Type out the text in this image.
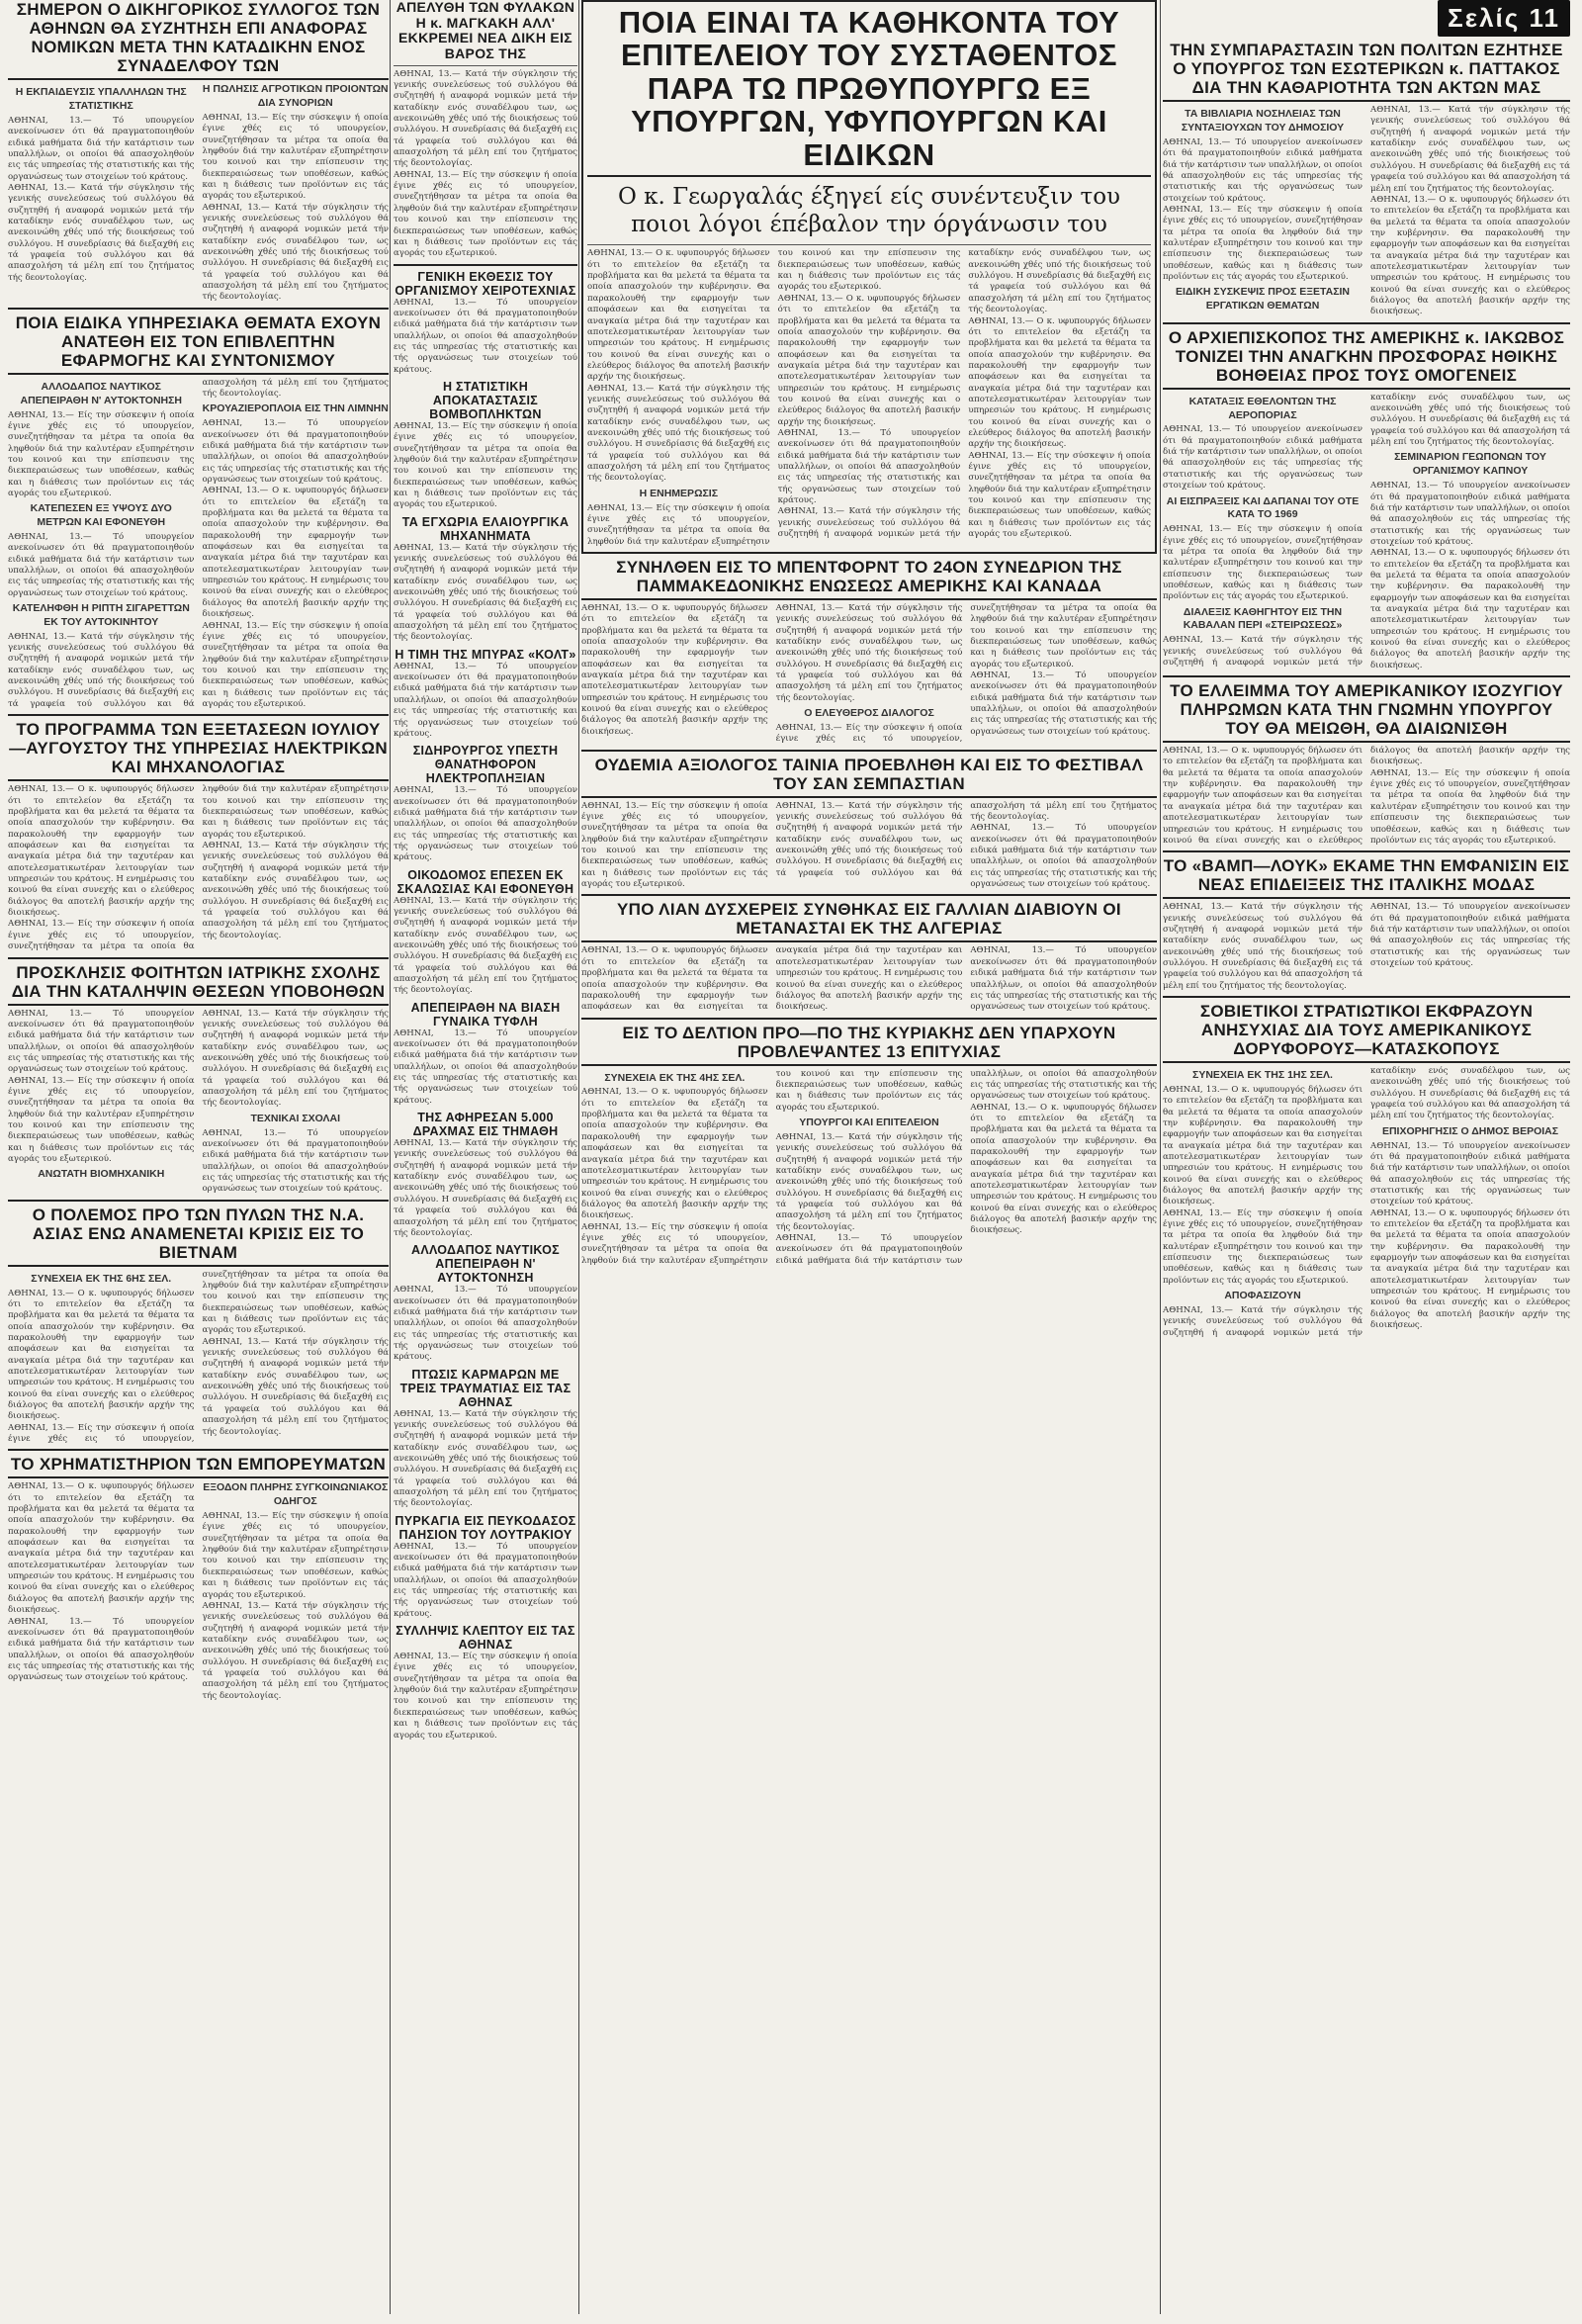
ΣΗΜΕΡΟΝ Ο ΔΙΚΗΓΟΡΙΚΟΣ ΣΥΛΛΟΓΟΣ ΤΩΝ ΑΘΗΝΩΝ ΘΑ ΣΥΖΗΤΗΣΗ ΕΠΙ ΑΝΑΦΟΡΑΣ ΝΟΜΙΚΩΝ ΜΕΤΑ ΤΗΝ ΚΑΤΑΔΙΚΗΝ ΕΝΟΣ ΣΥΝΑΔΕΛΦΟΥ ΤΩΝ
Η ΕΚΠΑΙΔΕΥΣΙΣ ΥΠΑΛΛΗΛΩΝ ΤΗΣ ΣΤΑΤΙΣΤΙΚΗΣ

ΑΘΗΝΑΙ, 13.— Τό υπουργείον ανεκοίνωσεν ότι θά πραγματοποιηθούν ειδικά μαθήματα διά τήν κατάρτισιν των υπαλλήλων, οι οποίοι θά απασχοληθούν εις τάς υπηρεσίας τής στατιστικής και τής οργανώσεως των στοιχείων τού κράτους.

ΑΘΗΝΑΙ, 13.— Κατά τήν σύγκλησιν τής γενικής συνελεύσεως τού συλλόγου θά συζητηθή ή αναφορά νομικών μετά τήν καταδίκην ενός συναδέλφου των, ως ανεκοινώθη χθές υπό τής διοικήσεως τού συλλόγου. Η συνεδρίασις θά διεξαχθή εις τά γραφεία τού συλλόγου και θά απασχολήση τά μέλη επί του ζητήματος τής δεοντολογίας.

Η ΠΩΛΗΣΙΣ ΑΓΡΟΤΙΚΩΝ ΠΡΟΙΟΝΤΩΝ ΔΙΑ ΣΥΝΟΡΙΩΝ

ΑΘΗΝΑΙ, 13.— Είς την σύσκεψιν ή οποία έγινε χθές εις τό υπουργείον, συνεζητήθησαν τα μέτρα τα οποία θα ληφθούν διά την καλυτέραν εξυπηρέτησιν του κοινού και την επίσπευσιν της διεκπεραιώσεως των υποθέσεων, καθώς και η διάθεσις των προϊόντων εις τάς αγοράς του εξωτερικού.

ΑΘΗΝΑΙ, 13.— Κατά τήν σύγκλησιν τής γενικής συνελεύσεως τού συλλόγου θά συζητηθή ή αναφορά νομικών μετά τήν καταδίκην ενός συναδέλφου των, ως ανεκοινώθη χθές υπό τής διοικήσεως τού συλλόγου. Η συνεδρίασις θά διεξαχθή εις τά γραφεία τού συλλόγου και θά απασχολήση τά μέλη επί του ζητήματος τής δεοντολογίας.

ΠΟΙΑ ΕΙΔΙΚΑ ΥΠΗΡΕΣΙΑΚΑ ΘΕΜΑΤΑ ΕΧΟΥΝ ΑΝΑΤΕΘΗ ΕΙΣ ΤΟΝ ΕΠΙΒΛΕΠΤΗΝ ΕΦΑΡΜΟΓΗΣ ΚΑΙ ΣΥΝΤΟΝΙΣΜΟΥ
ΑΛΛΟΔΑΠΟΣ ΝΑΥΤΙΚΟΣ ΑΠΕΠΕΙΡΑΘΗ Ν' ΑΥΤΟΚΤΟΝΗΣΗ

ΑΘΗΝΑΙ, 13.— Είς την σύσκεψιν ή οποία έγινε χθές εις τό υπουργείον, συνεζητήθησαν τα μέτρα τα οποία θα ληφθούν διά την καλυτέραν εξυπηρέτησιν του κοινού και την επίσπευσιν της διεκπεραιώσεως των υποθέσεων, καθώς και η διάθεσις των προϊόντων εις τάς αγοράς του εξωτερικού.

ΚΑΤΕΠΕΣΕΝ ΕΞ ΥΨΟΥΣ ΔΥΟ ΜΕΤΡΩΝ ΚΑΙ ΕΦΟΝΕΥΘΗ

ΑΘΗΝΑΙ, 13.— Τό υπουργείον ανεκοίνωσεν ότι θά πραγματοποιηθούν ειδικά μαθήματα διά τήν κατάρτισιν των υπαλλήλων, οι οποίοι θά απασχοληθούν εις τάς υπηρεσίας τής στατιστικής και τής οργανώσεως των στοιχείων τού κράτους.

ΚΑΤΕΛΗΦΘΗ Η ΡΙΠΤΗ ΣΙΓΑΡΕΤΤΩΝ ΕΚ ΤΟΥ ΑΥΤΟΚΙΝΗΤΟΥ

ΑΘΗΝΑΙ, 13.— Κατά τήν σύγκλησιν τής γενικής συνελεύσεως τού συλλόγου θά συζητηθή ή αναφορά νομικών μετά τήν καταδίκην ενός συναδέλφου των, ως ανεκοινώθη χθές υπό τής διοικήσεως τού συλλόγου. Η συνεδρίασις θά διεξαχθή εις τά γραφεία τού συλλόγου και θά απασχολήση τά μέλη επί του ζητήματος τής δεοντολογίας.

ΚΡΟΥΑΖΙΕΡΟΠΛΟΙΑ ΕΙΣ ΤΗΝ ΛΙΜΝΗΝ

ΑΘΗΝΑΙ, 13.— Τό υπουργείον ανεκοίνωσεν ότι θά πραγματοποιηθούν ειδικά μαθήματα διά τήν κατάρτισιν των υπαλλήλων, οι οποίοι θά απασχοληθούν εις τάς υπηρεσίας τής στατιστικής και τής οργανώσεως των στοιχείων τού κράτους.

ΑΘΗΝΑΙ, 13.— Ο κ. υφυπουργός δήλωσεν ότι το επιτελείον θα εξετάζη τα προβλήματα και θα μελετά τα θέματα τα οποία απασχολούν την κυβέρνησιν. Θα παρακολουθή την εφαρμογήν των αποφάσεων και θα εισηγείται τα αναγκαία μέτρα διά την ταχυτέραν και αποτελεσματικωτέραν λειτουργίαν των υπηρεσιών του κράτους. Η ενημέρωσις του κοινού θα είναι συνεχής και ο ελεύθερος διάλογος θα αποτελή βασικήν αρχήν της διοικήσεως.

ΑΘΗΝΑΙ, 13.— Είς την σύσκεψιν ή οποία έγινε χθές εις τό υπουργείον, συνεζητήθησαν τα μέτρα τα οποία θα ληφθούν διά την καλυτέραν εξυπηρέτησιν του κοινού και την επίσπευσιν της διεκπεραιώσεως των υποθέσεων, καθώς και η διάθεσις των προϊόντων εις τάς αγοράς του εξωτερικού.

ΤΟ ΠΡΟΓΡΑΜΜΑ ΤΩΝ ΕΞΕΤΑΣΕΩΝ ΙΟΥΛΙΟΥ—ΑΥΓΟΥΣΤΟΥ ΤΗΣ ΥΠΗΡΕΣΙΑΣ ΗΛΕΚΤΡΙΚΩΝ ΚΑΙ ΜΗΧΑΝΟΛΟΓΙΑΣ

ΑΘΗΝΑΙ, 13.— Ο κ. υφυπουργός δήλωσεν ότι το επιτελείον θα εξετάζη τα προβλήματα και θα μελετά τα θέματα τα οποία απασχολούν την κυβέρνησιν. Θα παρακολουθή την εφαρμογήν των αποφάσεων και θα εισηγείται τα αναγκαία μέτρα διά την ταχυτέραν και αποτελεσματικωτέραν λειτουργίαν των υπηρεσιών του κράτους. Η ενημέρωσις του κοινού θα είναι συνεχής και ο ελεύθερος διάλογος θα αποτελή βασικήν αρχήν της διοικήσεως.

ΑΘΗΝΑΙ, 13.— Είς την σύσκεψιν ή οποία έγινε χθές εις τό υπουργείον, συνεζητήθησαν τα μέτρα τα οποία θα ληφθούν διά την καλυτέραν εξυπηρέτησιν του κοινού και την επίσπευσιν της διεκπεραιώσεως των υποθέσεων, καθώς και η διάθεσις των προϊόντων εις τάς αγοράς του εξωτερικού.

ΑΘΗΝΑΙ, 13.— Κατά τήν σύγκλησιν τής γενικής συνελεύσεως τού συλλόγου θά συζητηθή ή αναφορά νομικών μετά τήν καταδίκην ενός συναδέλφου των, ως ανεκοινώθη χθές υπό τής διοικήσεως τού συλλόγου. Η συνεδρίασις θά διεξαχθή εις τά γραφεία τού συλλόγου και θά απασχολήση τά μέλη επί του ζητήματος τής δεοντολογίας.

ΠΡΟΣΚΛΗΣΙΣ ΦΟΙΤΗΤΩΝ ΙΑΤΡΙΚΗΣ ΣΧΟΛΗΣ ΔΙΑ ΤΗΝ ΚΑΤΑΛΗΨΙΝ ΘΕΣΕΩΝ ΥΠΟΒΟΗΘΩΝ

ΑΘΗΝΑΙ, 13.— Τό υπουργείον ανεκοίνωσεν ότι θά πραγματοποιηθούν ειδικά μαθήματα διά τήν κατάρτισιν των υπαλλήλων, οι οποίοι θά απασχοληθούν εις τάς υπηρεσίας τής στατιστικής και τής οργανώσεως των στοιχείων τού κράτους.

ΑΘΗΝΑΙ, 13.— Είς την σύσκεψιν ή οποία έγινε χθές εις τό υπουργείον, συνεζητήθησαν τα μέτρα τα οποία θα ληφθούν διά την καλυτέραν εξυπηρέτησιν του κοινού και την επίσπευσιν της διεκπεραιώσεως των υποθέσεων, καθώς και η διάθεσις των προϊόντων εις τάς αγοράς του εξωτερικού.

ΑΝΩΤΑΤΗ ΒΙΟΜΗΧΑΝΙΚΗ

ΑΘΗΝΑΙ, 13.— Κατά τήν σύγκλησιν τής γενικής συνελεύσεως τού συλλόγου θά συζητηθή ή αναφορά νομικών μετά τήν καταδίκην ενός συναδέλφου των, ως ανεκοινώθη χθές υπό τής διοικήσεως τού συλλόγου. Η συνεδρίασις θά διεξαχθή εις τά γραφεία τού συλλόγου και θά απασχολήση τά μέλη επί του ζητήματος τής δεοντολογίας.

ΤΕΧΝΙΚΑΙ ΣΧΟΛΑΙ

ΑΘΗΝΑΙ, 13.— Τό υπουργείον ανεκοίνωσεν ότι θά πραγματοποιηθούν ειδικά μαθήματα διά τήν κατάρτισιν των υπαλλήλων, οι οποίοι θά απασχοληθούν εις τάς υπηρεσίας τής στατιστικής και τής οργανώσεως των στοιχείων τού κράτους.

Ο ΠΟΛΕΜΟΣ ΠΡΟ ΤΩΝ ΠΥΛΩΝ ΤΗΣ Ν.Α. ΑΣΙΑΣ ΕΝΩ ΑΝΑΜΕΝΕΤΑΙ ΚΡΙΣΙΣ ΕΙΣ ΤΟ ΒΙΕΤΝΑΜ
ΣΥΝΕΧΕΙΑ ΕΚ ΤΗΣ 6ΗΣ ΣΕΛ.

ΑΘΗΝΑΙ, 13.— Ο κ. υφυπουργός δήλωσεν ότι το επιτελείον θα εξετάζη τα προβλήματα και θα μελετά τα θέματα τα οποία απασχολούν την κυβέρνησιν. Θα παρακολουθή την εφαρμογήν των αποφάσεων και θα εισηγείται τα αναγκαία μέτρα διά την ταχυτέραν και αποτελεσματικωτέραν λειτουργίαν των υπηρεσιών του κράτους. Η ενημέρωσις του κοινού θα είναι συνεχής και ο ελεύθερος διάλογος θα αποτελή βασικήν αρχήν της διοικήσεως.

ΑΘΗΝΑΙ, 13.— Είς την σύσκεψιν ή οποία έγινε χθές εις τό υπουργείον, συνεζητήθησαν τα μέτρα τα οποία θα ληφθούν διά την καλυτέραν εξυπηρέτησιν του κοινού και την επίσπευσιν της διεκπεραιώσεως των υποθέσεων, καθώς και η διάθεσις των προϊόντων εις τάς αγοράς του εξωτερικού.

ΑΘΗΝΑΙ, 13.— Κατά τήν σύγκλησιν τής γενικής συνελεύσεως τού συλλόγου θά συζητηθή ή αναφορά νομικών μετά τήν καταδίκην ενός συναδέλφου των, ως ανεκοινώθη χθές υπό τής διοικήσεως τού συλλόγου. Η συνεδρίασις θά διεξαχθή εις τά γραφεία τού συλλόγου και θά απασχολήση τά μέλη επί του ζητήματος τής δεοντολογίας.

ΤΟ ΧΡΗΜΑΤΙΣΤΗΡΙΟΝ ΤΩΝ ΕΜΠΟΡΕΥΜΑΤΩΝ

ΑΘΗΝΑΙ, 13.— Ο κ. υφυπουργός δήλωσεν ότι το επιτελείον θα εξετάζη τα προβλήματα και θα μελετά τα θέματα τα οποία απασχολούν την κυβέρνησιν. Θα παρακολουθή την εφαρμογήν των αποφάσεων και θα εισηγείται τα αναγκαία μέτρα διά την ταχυτέραν και αποτελεσματικωτέραν λειτουργίαν των υπηρεσιών του κράτους. Η ενημέρωσις του κοινού θα είναι συνεχής και ο ελεύθερος διάλογος θα αποτελή βασικήν αρχήν της διοικήσεως.

ΑΘΗΝΑΙ, 13.— Τό υπουργείον ανεκοίνωσεν ότι θά πραγματοποιηθούν ειδικά μαθήματα διά τήν κατάρτισιν των υπαλλήλων, οι οποίοι θά απασχοληθούν εις τάς υπηρεσίας τής στατιστικής και τής οργανώσεως των στοιχείων τού κράτους.

ΕΞΟΔΟΝ ΠΛΗΡΗΣ ΣΥΓΚΟΙΝΩΝΙΑΚΟΣ ΟΔΗΓΟΣ

ΑΘΗΝΑΙ, 13.— Είς την σύσκεψιν ή οποία έγινε χθές εις τό υπουργείον, συνεζητήθησαν τα μέτρα τα οποία θα ληφθούν διά την καλυτέραν εξυπηρέτησιν του κοινού και την επίσπευσιν της διεκπεραιώσεως των υποθέσεων, καθώς και η διάθεσις των προϊόντων εις τάς αγοράς του εξωτερικού.

ΑΘΗΝΑΙ, 13.— Κατά τήν σύγκλησιν τής γενικής συνελεύσεως τού συλλόγου θά συζητηθή ή αναφορά νομικών μετά τήν καταδίκην ενός συναδέλφου των, ως ανεκοινώθη χθές υπό τής διοικήσεως τού συλλόγου. Η συνεδρίασις θά διεξαχθή εις τά γραφεία τού συλλόγου και θά απασχολήση τά μέλη επί του ζητήματος τής δεοντολογίας.

ΑΠΕΛΥΘΗ ΤΩΝ ΦΥΛΑΚΩΝ Η κ. ΜΑΓΚΑΚΗ ΑΛΛ' ΕΚΚΡΕΜΕΙ ΝΕΑ ΔΙΚΗ ΕΙΣ ΒΑΡΟΣ ΤΗΣ

ΑΘΗΝΑΙ, 13.— Κατά τήν σύγκλησιν τής γενικής συνελεύσεως τού συλλόγου θά συζητηθή ή αναφορά νομικών μετά τήν καταδίκην ενός συναδέλφου των, ως ανεκοινώθη χθές υπό τής διοικήσεως τού συλλόγου. Η συνεδρίασις θά διεξαχθή εις τά γραφεία τού συλλόγου και θά απασχολήση τά μέλη επί του ζητήματος τής δεοντολογίας.

ΑΘΗΝΑΙ, 13.— Είς την σύσκεψιν ή οποία έγινε χθές εις τό υπουργείον, συνεζητήθησαν τα μέτρα τα οποία θα ληφθούν διά την καλυτέραν εξυπηρέτησιν του κοινού και την επίσπευσιν της διεκπεραιώσεως των υποθέσεων, καθώς και η διάθεσις των προϊόντων εις τάς αγοράς του εξωτερικού.

ΓΕΝΙΚΗ ΕΚΘΕΣΙΣ ΤΟΥ ΟΡΓΑΝΙΣΜΟΥ ΧΕΙΡΟΤΕΧΝΙΑΣ

ΑΘΗΝΑΙ, 13.— Τό υπουργείον ανεκοίνωσεν ότι θά πραγματοποιηθούν ειδικά μαθήματα διά τήν κατάρτισιν των υπαλλήλων, οι οποίοι θά απασχοληθούν εις τάς υπηρεσίας τής στατιστικής και τής οργανώσεως των στοιχείων τού κράτους.

Η ΣΤΑΤΙΣΤΙΚΗ ΑΠΟΚΑΤΑΣΤΑΣΙΣ ΒΟΜΒΟΠΛΗΚΤΩΝ

ΑΘΗΝΑΙ, 13.— Είς την σύσκεψιν ή οποία έγινε χθές εις τό υπουργείον, συνεζητήθησαν τα μέτρα τα οποία θα ληφθούν διά την καλυτέραν εξυπηρέτησιν του κοινού και την επίσπευσιν της διεκπεραιώσεως των υποθέσεων, καθώς και η διάθεσις των προϊόντων εις τάς αγοράς του εξωτερικού.

ΤΑ ΕΓΧΩΡΙΑ ΕΛΑΙΟΥΡΓΙΚΑ ΜΗΧΑΝΗΜΑΤΑ

ΑΘΗΝΑΙ, 13.— Κατά τήν σύγκλησιν τής γενικής συνελεύσεως τού συλλόγου θά συζητηθή ή αναφορά νομικών μετά τήν καταδίκην ενός συναδέλφου των, ως ανεκοινώθη χθές υπό τής διοικήσεως τού συλλόγου. Η συνεδρίασις θά διεξαχθή εις τά γραφεία τού συλλόγου και θά απασχολήση τά μέλη επί του ζητήματος τής δεοντολογίας.

Η ΤΙΜΗ ΤΗΣ ΜΠΥΡΑΣ «ΚΟΛΤ»

ΑΘΗΝΑΙ, 13.— Τό υπουργείον ανεκοίνωσεν ότι θά πραγματοποιηθούν ειδικά μαθήματα διά τήν κατάρτισιν των υπαλλήλων, οι οποίοι θά απασχοληθούν εις τάς υπηρεσίας τής στατιστικής και τής οργανώσεως των στοιχείων τού κράτους.

ΣΙΔΗΡΟΥΡΓΟΣ ΥΠΕΣΤΗ ΘΑΝΑΤΗΦΟΡΟΝ ΗΛΕΚΤΡΟΠΛΗΞΙΑΝ

ΑΘΗΝΑΙ, 13.— Τό υπουργείον ανεκοίνωσεν ότι θά πραγματοποιηθούν ειδικά μαθήματα διά τήν κατάρτισιν των υπαλλήλων, οι οποίοι θά απασχοληθούν εις τάς υπηρεσίας τής στατιστικής και τής οργανώσεως των στοιχείων τού κράτους.

ΟΙΚΟΔΟΜΟΣ ΕΠΕΣΕΝ ΕΚ ΣΚΑΛΩΣΙΑΣ ΚΑΙ ΕΦΟΝΕΥΘΗ

ΑΘΗΝΑΙ, 13.— Κατά τήν σύγκλησιν τής γενικής συνελεύσεως τού συλλόγου θά συζητηθή ή αναφορά νομικών μετά τήν καταδίκην ενός συναδέλφου των, ως ανεκοινώθη χθές υπό τής διοικήσεως τού συλλόγου. Η συνεδρίασις θά διεξαχθή εις τά γραφεία τού συλλόγου και θά απασχολήση τά μέλη επί του ζητήματος τής δεοντολογίας.

ΑΠΕΠΕΙΡΑΘΗ ΝΑ ΒΙΑΣΗ ΓΥΝΑΙΚΑ ΤΥΦΛΗ

ΑΘΗΝΑΙ, 13.— Τό υπουργείον ανεκοίνωσεν ότι θά πραγματοποιηθούν ειδικά μαθήματα διά τήν κατάρτισιν των υπαλλήλων, οι οποίοι θά απασχοληθούν εις τάς υπηρεσίας τής στατιστικής και τής οργανώσεως των στοιχείων τού κράτους.

ΤΗΣ ΑΦΗΡΕΣΑΝ 5.000 ΔΡΑΧΜΑΣ ΕΙΣ ΤΗΜΑΘΗ

ΑΘΗΝΑΙ, 13.— Κατά τήν σύγκλησιν τής γενικής συνελεύσεως τού συλλόγου θά συζητηθή ή αναφορά νομικών μετά τήν καταδίκην ενός συναδέλφου των, ως ανεκοινώθη χθές υπό τής διοικήσεως τού συλλόγου. Η συνεδρίασις θά διεξαχθή εις τά γραφεία τού συλλόγου και θά απασχολήση τά μέλη επί του ζητήματος τής δεοντολογίας.

ΑΛΛΟΔΑΠΟΣ ΝΑΥΤΙΚΟΣ ΑΠΕΠΕΙΡΑΘΗ Ν' ΑΥΤΟΚΤΟΝΗΣΗ

ΑΘΗΝΑΙ, 13.— Τό υπουργείον ανεκοίνωσεν ότι θά πραγματοποιηθούν ειδικά μαθήματα διά τήν κατάρτισιν των υπαλλήλων, οι οποίοι θά απασχοληθούν εις τάς υπηρεσίας τής στατιστικής και τής οργανώσεως των στοιχείων τού κράτους.

ΠΤΩΣΙΣ ΚΑΡΜΑΡΩΝ ΜΕ ΤΡΕΙΣ ΤΡΑΥΜΑΤΙΑΣ ΕΙΣ ΤΑΣ ΑΘΗΝΑΣ

ΑΘΗΝΑΙ, 13.— Κατά τήν σύγκλησιν τής γενικής συνελεύσεως τού συλλόγου θά συζητηθή ή αναφορά νομικών μετά τήν καταδίκην ενός συναδέλφου των, ως ανεκοινώθη χθές υπό τής διοικήσεως τού συλλόγου. Η συνεδρίασις θά διεξαχθή εις τά γραφεία τού συλλόγου και θά απασχολήση τά μέλη επί του ζητήματος τής δεοντολογίας.

ΠΥΡΚΑΓΙΑ ΕΙΣ ΠΕΥΚΟΔΑΣΟΣ ΠΑΗΣΙΟΝ ΤΟΥ ΛΟΥΤΡΑΚΙΟΥ

ΑΘΗΝΑΙ, 13.— Τό υπουργείον ανεκοίνωσεν ότι θά πραγματοποιηθούν ειδικά μαθήματα διά τήν κατάρτισιν των υπαλλήλων, οι οποίοι θά απασχοληθούν εις τάς υπηρεσίας τής στατιστικής και τής οργανώσεως των στοιχείων τού κράτους.

ΣΥΛΛΗΨΙΣ ΚΛΕΠΤΟΥ ΕΙΣ ΤΑΣ ΑΘΗΝΑΣ

ΑΘΗΝΑΙ, 13.— Είς την σύσκεψιν ή οποία έγινε χθές εις τό υπουργείον, συνεζητήθησαν τα μέτρα τα οποία θα ληφθούν διά την καλυτέραν εξυπηρέτησιν του κοινού και την επίσπευσιν της διεκπεραιώσεως των υποθέσεων, καθώς και η διάθεσις των προϊόντων εις τάς αγοράς του εξωτερικού.

ΠΟΙΑ ΕΙΝΑΙ ΤΑ ΚΑΘΗΚΟΝΤΑ ΤΟΥ ΕΠΙΤΕΛΕΙΟΥ ΤΟΥ ΣΥΣΤΑΘΕΝΤΟΣ ΠΑΡΑ ΤΩ ΠΡΩΘΥΠΟΥΡΓΩ ΕΞ ΥΠΟΥΡΓΩΝ, ΥΦΥΠΟΥΡΓΩΝ ΚΑΙ ΕΙΔΙΚΩΝ
Ο κ. Γεωργαλάς έξηγεί είς συνέντευξιν του ποιοι λόγοι έπέβαλον την όργάνωσιν του

ΑΘΗΝΑΙ, 13.— Ο κ. υφυπουργός δήλωσεν ότι το επιτελείον θα εξετάζη τα προβλήματα και θα μελετά τα θέματα τα οποία απασχολούν την κυβέρνησιν. Θα παρακολουθή την εφαρμογήν των αποφάσεων και θα εισηγείται τα αναγκαία μέτρα διά την ταχυτέραν και αποτελεσματικωτέραν λειτουργίαν των υπηρεσιών του κράτους. Η ενημέρωσις του κοινού θα είναι συνεχής και ο ελεύθερος διάλογος θα αποτελή βασικήν αρχήν της διοικήσεως.

ΑΘΗΝΑΙ, 13.— Κατά τήν σύγκλησιν τής γενικής συνελεύσεως τού συλλόγου θά συζητηθή ή αναφορά νομικών μετά τήν καταδίκην ενός συναδέλφου των, ως ανεκοινώθη χθές υπό τής διοικήσεως τού συλλόγου. Η συνεδρίασις θά διεξαχθή εις τά γραφεία τού συλλόγου και θά απασχολήση τά μέλη επί του ζητήματος τής δεοντολογίας.

Η ΕΝΗΜΕΡΩΣΙΣ

ΑΘΗΝΑΙ, 13.— Είς την σύσκεψιν ή οποία έγινε χθές εις τό υπουργείον, συνεζητήθησαν τα μέτρα τα οποία θα ληφθούν διά την καλυτέραν εξυπηρέτησιν του κοινού και την επίσπευσιν της διεκπεραιώσεως των υποθέσεων, καθώς και η διάθεσις των προϊόντων εις τάς αγοράς του εξωτερικού.

ΑΘΗΝΑΙ, 13.— Ο κ. υφυπουργός δήλωσεν ότι το επιτελείον θα εξετάζη τα προβλήματα και θα μελετά τα θέματα τα οποία απασχολούν την κυβέρνησιν. Θα παρακολουθή την εφαρμογήν των αποφάσεων και θα εισηγείται τα αναγκαία μέτρα διά την ταχυτέραν και αποτελεσματικωτέραν λειτουργίαν των υπηρεσιών του κράτους. Η ενημέρωσις του κοινού θα είναι συνεχής και ο ελεύθερος διάλογος θα αποτελή βασικήν αρχήν της διοικήσεως.

ΑΘΗΝΑΙ, 13.— Τό υπουργείον ανεκοίνωσεν ότι θά πραγματοποιηθούν ειδικά μαθήματα διά τήν κατάρτισιν των υπαλλήλων, οι οποίοι θά απασχοληθούν εις τάς υπηρεσίας τής στατιστικής και τής οργανώσεως των στοιχείων τού κράτους.

ΑΘΗΝΑΙ, 13.— Κατά τήν σύγκλησιν τής γενικής συνελεύσεως τού συλλόγου θά συζητηθή ή αναφορά νομικών μετά τήν καταδίκην ενός συναδέλφου των, ως ανεκοινώθη χθές υπό τής διοικήσεως τού συλλόγου. Η συνεδρίασις θά διεξαχθή εις τά γραφεία τού συλλόγου και θά απασχολήση τά μέλη επί του ζητήματος τής δεοντολογίας.

ΑΘΗΝΑΙ, 13.— Ο κ. υφυπουργός δήλωσεν ότι το επιτελείον θα εξετάζη τα προβλήματα και θα μελετά τα θέματα τα οποία απασχολούν την κυβέρνησιν. Θα παρακολουθή την εφαρμογήν των αποφάσεων και θα εισηγείται τα αναγκαία μέτρα διά την ταχυτέραν και αποτελεσματικωτέραν λειτουργίαν των υπηρεσιών του κράτους. Η ενημέρωσις του κοινού θα είναι συνεχής και ο ελεύθερος διάλογος θα αποτελή βασικήν αρχήν της διοικήσεως.

ΑΘΗΝΑΙ, 13.— Είς την σύσκεψιν ή οποία έγινε χθές εις τό υπουργείον, συνεζητήθησαν τα μέτρα τα οποία θα ληφθούν διά την καλυτέραν εξυπηρέτησιν του κοινού και την επίσπευσιν της διεκπεραιώσεως των υποθέσεων, καθώς και η διάθεσις των προϊόντων εις τάς αγοράς του εξωτερικού.

ΣΥΝΗΛΘΕΝ ΕΙΣ ΤΟ ΜΠΕΝΤΦΟΡΝΤ ΤΟ 24ΟΝ ΣΥΝΕΔΡΙΟΝ ΤΗΣ ΠΑΜΜΑΚΕΔΟΝΙΚΗΣ ΕΝΩΣΕΩΣ ΑΜΕΡΙΚΗΣ ΚΑΙ ΚΑΝΑΔΑ

ΑΘΗΝΑΙ, 13.— Ο κ. υφυπουργός δήλωσεν ότι το επιτελείον θα εξετάζη τα προβλήματα και θα μελετά τα θέματα τα οποία απασχολούν την κυβέρνησιν. Θα παρακολουθή την εφαρμογήν των αποφάσεων και θα εισηγείται τα αναγκαία μέτρα διά την ταχυτέραν και αποτελεσματικωτέραν λειτουργίαν των υπηρεσιών του κράτους. Η ενημέρωσις του κοινού θα είναι συνεχής και ο ελεύθερος διάλογος θα αποτελή βασικήν αρχήν της διοικήσεως.

ΑΘΗΝΑΙ, 13.— Κατά τήν σύγκλησιν τής γενικής συνελεύσεως τού συλλόγου θά συζητηθή ή αναφορά νομικών μετά τήν καταδίκην ενός συναδέλφου των, ως ανεκοινώθη χθές υπό τής διοικήσεως τού συλλόγου. Η συνεδρίασις θά διεξαχθή εις τά γραφεία τού συλλόγου και θά απασχολήση τά μέλη επί του ζητήματος τής δεοντολογίας.

Ο ΕΛΕΥΘΕΡΟΣ ΔΙΑΛΟΓΟΣ

ΑΘΗΝΑΙ, 13.— Είς την σύσκεψιν ή οποία έγινε χθές εις τό υπουργείον, συνεζητήθησαν τα μέτρα τα οποία θα ληφθούν διά την καλυτέραν εξυπηρέτησιν του κοινού και την επίσπευσιν της διεκπεραιώσεως των υποθέσεων, καθώς και η διάθεσις των προϊόντων εις τάς αγοράς του εξωτερικού.

ΑΘΗΝΑΙ, 13.— Τό υπουργείον ανεκοίνωσεν ότι θά πραγματοποιηθούν ειδικά μαθήματα διά τήν κατάρτισιν των υπαλλήλων, οι οποίοι θά απασχοληθούν εις τάς υπηρεσίας τής στατιστικής και τής οργανώσεως των στοιχείων τού κράτους.

ΟΥΔΕΜΙΑ ΑΞΙΟΛΟΓΟΣ ΤΑΙΝΙΑ ΠΡΟΕΒΛΗΘΗ ΚΑΙ ΕΙΣ ΤΟ ΦΕΣΤΙΒΑΛ ΤΟΥ ΣΑΝ ΣΕΜΠΑΣΤΙΑΝ

ΑΘΗΝΑΙ, 13.— Είς την σύσκεψιν ή οποία έγινε χθές εις τό υπουργείον, συνεζητήθησαν τα μέτρα τα οποία θα ληφθούν διά την καλυτέραν εξυπηρέτησιν του κοινού και την επίσπευσιν της διεκπεραιώσεως των υποθέσεων, καθώς και η διάθεσις των προϊόντων εις τάς αγοράς του εξωτερικού.

ΑΘΗΝΑΙ, 13.— Κατά τήν σύγκλησιν τής γενικής συνελεύσεως τού συλλόγου θά συζητηθή ή αναφορά νομικών μετά τήν καταδίκην ενός συναδέλφου των, ως ανεκοινώθη χθές υπό τής διοικήσεως τού συλλόγου. Η συνεδρίασις θά διεξαχθή εις τά γραφεία τού συλλόγου και θά απασχολήση τά μέλη επί του ζητήματος τής δεοντολογίας.

ΑΘΗΝΑΙ, 13.— Τό υπουργείον ανεκοίνωσεν ότι θά πραγματοποιηθούν ειδικά μαθήματα διά τήν κατάρτισιν των υπαλλήλων, οι οποίοι θά απασχοληθούν εις τάς υπηρεσίας τής στατιστικής και τής οργανώσεως των στοιχείων τού κράτους.

ΥΠΟ ΛΙΑΝ ΔΥΣΧΕΡΕΙΣ ΣΥΝΘΗΚΑΣ ΕΙΣ ΓΑΛΛΙΑΝ ΔΙΑΒΙΟΥΝ ΟΙ ΜΕΤΑΝΑΣΤΑΙ ΕΚ ΤΗΣ ΑΛΓΕΡΙΑΣ

ΑΘΗΝΑΙ, 13.— Ο κ. υφυπουργός δήλωσεν ότι το επιτελείον θα εξετάζη τα προβλήματα και θα μελετά τα θέματα τα οποία απασχολούν την κυβέρνησιν. Θα παρακολουθή την εφαρμογήν των αποφάσεων και θα εισηγείται τα αναγκαία μέτρα διά την ταχυτέραν και αποτελεσματικωτέραν λειτουργίαν των υπηρεσιών του κράτους. Η ενημέρωσις του κοινού θα είναι συνεχής και ο ελεύθερος διάλογος θα αποτελή βασικήν αρχήν της διοικήσεως.

ΑΘΗΝΑΙ, 13.— Τό υπουργείον ανεκοίνωσεν ότι θά πραγματοποιηθούν ειδικά μαθήματα διά τήν κατάρτισιν των υπαλλήλων, οι οποίοι θά απασχοληθούν εις τάς υπηρεσίας τής στατιστικής και τής οργανώσεως των στοιχείων τού κράτους.

ΕΙΣ ΤΟ ΔΕΛΤΙΟΝ ΠΡΟ—ΠΟ ΤΗΣ ΚΥΡΙΑΚΗΣ ΔΕΝ ΥΠΑΡΧΟΥΝ ΠΡΟΒΛΕΨΑΝΤΕΣ 13 ΕΠΙΤΥΧΙΑΣ
ΣΥΝΕΧΕΙΑ ΕΚ ΤΗΣ 4ΗΣ ΣΕΛ.

ΑΘΗΝΑΙ, 13.— Ο κ. υφυπουργός δήλωσεν ότι το επιτελείον θα εξετάζη τα προβλήματα και θα μελετά τα θέματα τα οποία απασχολούν την κυβέρνησιν. Θα παρακολουθή την εφαρμογήν των αποφάσεων και θα εισηγείται τα αναγκαία μέτρα διά την ταχυτέραν και αποτελεσματικωτέραν λειτουργίαν των υπηρεσιών του κράτους. Η ενημέρωσις του κοινού θα είναι συνεχής και ο ελεύθερος διάλογος θα αποτελή βασικήν αρχήν της διοικήσεως.

ΑΘΗΝΑΙ, 13.— Είς την σύσκεψιν ή οποία έγινε χθές εις τό υπουργείον, συνεζητήθησαν τα μέτρα τα οποία θα ληφθούν διά την καλυτέραν εξυπηρέτησιν του κοινού και την επίσπευσιν της διεκπεραιώσεως των υποθέσεων, καθώς και η διάθεσις των προϊόντων εις τάς αγοράς του εξωτερικού.

ΥΠΟΥΡΓΟΙ ΚΑΙ ΕΠΙΤΕΛΕΙΟΝ

ΑΘΗΝΑΙ, 13.— Κατά τήν σύγκλησιν τής γενικής συνελεύσεως τού συλλόγου θά συζητηθή ή αναφορά νομικών μετά τήν καταδίκην ενός συναδέλφου των, ως ανεκοινώθη χθές υπό τής διοικήσεως τού συλλόγου. Η συνεδρίασις θά διεξαχθή εις τά γραφεία τού συλλόγου και θά απασχολήση τά μέλη επί του ζητήματος τής δεοντολογίας.

ΑΘΗΝΑΙ, 13.— Τό υπουργείον ανεκοίνωσεν ότι θά πραγματοποιηθούν ειδικά μαθήματα διά τήν κατάρτισιν των υπαλλήλων, οι οποίοι θά απασχοληθούν εις τάς υπηρεσίας τής στατιστικής και τής οργανώσεως των στοιχείων τού κράτους.

ΑΘΗΝΑΙ, 13.— Ο κ. υφυπουργός δήλωσεν ότι το επιτελείον θα εξετάζη τα προβλήματα και θα μελετά τα θέματα τα οποία απασχολούν την κυβέρνησιν. Θα παρακολουθή την εφαρμογήν των αποφάσεων και θα εισηγείται τα αναγκαία μέτρα διά την ταχυτέραν και αποτελεσματικωτέραν λειτουργίαν των υπηρεσιών του κράτους. Η ενημέρωσις του κοινού θα είναι συνεχής και ο ελεύθερος διάλογος θα αποτελή βασικήν αρχήν της διοικήσεως.

Σελίς 11
ΤΗΝ ΣΥΜΠΑΡΑΣΤΑΣΙΝ ΤΩΝ ΠΟΛΙΤΩΝ ΕΖΗΤΗΣΕ Ο ΥΠΟΥΡΓΟΣ ΤΩΝ ΕΣΩΤΕΡΙΚΩΝ κ. ΠΑΤΤΑΚΟΣ ΔΙΑ ΤΗΝ ΚΑΘΑΡΙΟΤΗΤΑ ΤΩΝ ΑΚΤΩΝ ΜΑΣ
ΤΑ ΒΙΒΛΙΑΡΙΑ ΝΟΣΗΛΕΙΑΣ ΤΩΝ ΣΥΝΤΑΞΙΟΥΧΩΝ ΤΟΥ ΔΗΜΟΣΙΟΥ

ΑΘΗΝΑΙ, 13.— Τό υπουργείον ανεκοίνωσεν ότι θά πραγματοποιηθούν ειδικά μαθήματα διά τήν κατάρτισιν των υπαλλήλων, οι οποίοι θά απασχοληθούν εις τάς υπηρεσίας τής στατιστικής και τής οργανώσεως των στοιχείων τού κράτους.

ΑΘΗΝΑΙ, 13.— Είς την σύσκεψιν ή οποία έγινε χθές εις τό υπουργείον, συνεζητήθησαν τα μέτρα τα οποία θα ληφθούν διά την καλυτέραν εξυπηρέτησιν του κοινού και την επίσπευσιν της διεκπεραιώσεως των υποθέσεων, καθώς και η διάθεσις των προϊόντων εις τάς αγοράς του εξωτερικού.

ΕΙΔΙΚΗ ΣΥΣΚΕΨΙΣ ΠΡΟΣ ΕΞΕΤΑΣΙΝ ΕΡΓΑΤΙΚΩΝ ΘΕΜΑΤΩΝ

ΑΘΗΝΑΙ, 13.— Κατά τήν σύγκλησιν τής γενικής συνελεύσεως τού συλλόγου θά συζητηθή ή αναφορά νομικών μετά τήν καταδίκην ενός συναδέλφου των, ως ανεκοινώθη χθές υπό τής διοικήσεως τού συλλόγου. Η συνεδρίασις θά διεξαχθή εις τά γραφεία τού συλλόγου και θά απασχολήση τά μέλη επί του ζητήματος τής δεοντολογίας.

ΑΘΗΝΑΙ, 13.— Ο κ. υφυπουργός δήλωσεν ότι το επιτελείον θα εξετάζη τα προβλήματα και θα μελετά τα θέματα τα οποία απασχολούν την κυβέρνησιν. Θα παρακολουθή την εφαρμογήν των αποφάσεων και θα εισηγείται τα αναγκαία μέτρα διά την ταχυτέραν και αποτελεσματικωτέραν λειτουργίαν των υπηρεσιών του κράτους. Η ενημέρωσις του κοινού θα είναι συνεχής και ο ελεύθερος διάλογος θα αποτελή βασικήν αρχήν της διοικήσεως.

Ο ΑΡΧΙΕΠΙΣΚΟΠΟΣ ΤΗΣ ΑΜΕΡΙΚΗΣ κ. ΙΑΚΩΒΟΣ ΤΟΝΙΖΕΙ ΤΗΝ ΑΝΑΓΚΗΝ ΠΡΟΣΦΟΡΑΣ ΗΘΙΚΗΣ ΒΟΗΘΕΙΑΣ ΠΡΟΣ ΤΟΥΣ ΟΜΟΓΕΝΕΙΣ
ΚΑΤΑΤΑΞΙΣ ΕΘΕΛΟΝΤΩΝ ΤΗΣ ΑΕΡΟΠΟΡΙΑΣ

ΑΘΗΝΑΙ, 13.— Τό υπουργείον ανεκοίνωσεν ότι θά πραγματοποιηθούν ειδικά μαθήματα διά τήν κατάρτισιν των υπαλλήλων, οι οποίοι θά απασχοληθούν εις τάς υπηρεσίας τής στατιστικής και τής οργανώσεως των στοιχείων τού κράτους.

ΑΙ ΕΙΣΠΡΑΞΕΙΣ ΚΑΙ ΔΑΠΑΝΑΙ ΤΟΥ ΟΤΕ ΚΑΤΑ ΤΟ 1969

ΑΘΗΝΑΙ, 13.— Είς την σύσκεψιν ή οποία έγινε χθές εις τό υπουργείον, συνεζητήθησαν τα μέτρα τα οποία θα ληφθούν διά την καλυτέραν εξυπηρέτησιν του κοινού και την επίσπευσιν της διεκπεραιώσεως των υποθέσεων, καθώς και η διάθεσις των προϊόντων εις τάς αγοράς του εξωτερικού.

ΔΙΑΛΕΞΙΣ ΚΑΘΗΓΗΤΟΥ ΕΙΣ ΤΗΝ ΚΑΒΑΛΑΝ ΠΕΡΙ «ΣΤΕΙΡΩΣΕΩΣ»

ΑΘΗΝΑΙ, 13.— Κατά τήν σύγκλησιν τής γενικής συνελεύσεως τού συλλόγου θά συζητηθή ή αναφορά νομικών μετά τήν καταδίκην ενός συναδέλφου των, ως ανεκοινώθη χθές υπό τής διοικήσεως τού συλλόγου. Η συνεδρίασις θά διεξαχθή εις τά γραφεία τού συλλόγου και θά απασχολήση τά μέλη επί του ζητήματος τής δεοντολογίας.

ΣΕΜΙΝΑΡΙΟΝ ΓΕΩΠΟΝΩΝ ΤΟΥ ΟΡΓΑΝΙΣΜΟΥ ΚΑΠΝΟΥ

ΑΘΗΝΑΙ, 13.— Τό υπουργείον ανεκοίνωσεν ότι θά πραγματοποιηθούν ειδικά μαθήματα διά τήν κατάρτισιν των υπαλλήλων, οι οποίοι θά απασχοληθούν εις τάς υπηρεσίας τής στατιστικής και τής οργανώσεως των στοιχείων τού κράτους.

ΑΘΗΝΑΙ, 13.— Ο κ. υφυπουργός δήλωσεν ότι το επιτελείον θα εξετάζη τα προβλήματα και θα μελετά τα θέματα τα οποία απασχολούν την κυβέρνησιν. Θα παρακολουθή την εφαρμογήν των αποφάσεων και θα εισηγείται τα αναγκαία μέτρα διά την ταχυτέραν και αποτελεσματικωτέραν λειτουργίαν των υπηρεσιών του κράτους. Η ενημέρωσις του κοινού θα είναι συνεχής και ο ελεύθερος διάλογος θα αποτελή βασικήν αρχήν της διοικήσεως.

ΤΟ ΕΛΛΕΙΜΜΑ ΤΟΥ ΑΜΕΡΙΚΑΝΙΚΟΥ ΙΣΟΖΥΓΙΟΥ ΠΛΗΡΩΜΩΝ ΚΑΤΑ ΤΗΝ ΓΝΩΜΗΝ ΥΠΟΥΡΓΟΥ ΤΟΥ ΘΑ ΜΕΙΩΘΗ, ΘΑ ΔΙΑΙΩΝΙΣΘΗ

ΑΘΗΝΑΙ, 13.— Ο κ. υφυπουργός δήλωσεν ότι το επιτελείον θα εξετάζη τα προβλήματα και θα μελετά τα θέματα τα οποία απασχολούν την κυβέρνησιν. Θα παρακολουθή την εφαρμογήν των αποφάσεων και θα εισηγείται τα αναγκαία μέτρα διά την ταχυτέραν και αποτελεσματικωτέραν λειτουργίαν των υπηρεσιών του κράτους. Η ενημέρωσις του κοινού θα είναι συνεχής και ο ελεύθερος διάλογος θα αποτελή βασικήν αρχήν της διοικήσεως.

ΑΘΗΝΑΙ, 13.— Είς την σύσκεψιν ή οποία έγινε χθές εις τό υπουργείον, συνεζητήθησαν τα μέτρα τα οποία θα ληφθούν διά την καλυτέραν εξυπηρέτησιν του κοινού και την επίσπευσιν της διεκπεραιώσεως των υποθέσεων, καθώς και η διάθεσις των προϊόντων εις τάς αγοράς του εξωτερικού.

ΤΟ «ΒΑΜΠ—ΛΟΥΚ» ΕΚΑΜΕ ΤΗΝ ΕΜΦΑΝΙΣΙΝ ΕΙΣ ΝΕΑΣ ΕΠΙΔΕΙΞΕΙΣ ΤΗΣ ΙΤΑΛΙΚΗΣ ΜΟΔΑΣ

ΑΘΗΝΑΙ, 13.— Κατά τήν σύγκλησιν τής γενικής συνελεύσεως τού συλλόγου θά συζητηθή ή αναφορά νομικών μετά τήν καταδίκην ενός συναδέλφου των, ως ανεκοινώθη χθές υπό τής διοικήσεως τού συλλόγου. Η συνεδρίασις θά διεξαχθή εις τά γραφεία τού συλλόγου και θά απασχολήση τά μέλη επί του ζητήματος τής δεοντολογίας.

ΑΘΗΝΑΙ, 13.— Τό υπουργείον ανεκοίνωσεν ότι θά πραγματοποιηθούν ειδικά μαθήματα διά τήν κατάρτισιν των υπαλλήλων, οι οποίοι θά απασχοληθούν εις τάς υπηρεσίας τής στατιστικής και τής οργανώσεως των στοιχείων τού κράτους.

ΣΟΒΙΕΤΙΚΟΙ ΣΤΡΑΤΙΩΤΙΚΟΙ ΕΚΦΡΑΖΟΥΝ ΑΝΗΣΥΧΙΑΣ ΔΙΑ ΤΟΥΣ ΑΜΕΡΙΚΑΝΙΚΟΥΣ ΔΟΡΥΦΟΡΟΥΣ—ΚΑΤΑΣΚΟΠΟΥΣ
ΣΥΝΕΧΕΙΑ ΕΚ ΤΗΣ 1ΗΣ ΣΕΛ.

ΑΘΗΝΑΙ, 13.— Ο κ. υφυπουργός δήλωσεν ότι το επιτελείον θα εξετάζη τα προβλήματα και θα μελετά τα θέματα τα οποία απασχολούν την κυβέρνησιν. Θα παρακολουθή την εφαρμογήν των αποφάσεων και θα εισηγείται τα αναγκαία μέτρα διά την ταχυτέραν και αποτελεσματικωτέραν λειτουργίαν των υπηρεσιών του κράτους. Η ενημέρωσις του κοινού θα είναι συνεχής και ο ελεύθερος διάλογος θα αποτελή βασικήν αρχήν της διοικήσεως.

ΑΘΗΝΑΙ, 13.— Είς την σύσκεψιν ή οποία έγινε χθές εις τό υπουργείον, συνεζητήθησαν τα μέτρα τα οποία θα ληφθούν διά την καλυτέραν εξυπηρέτησιν του κοινού και την επίσπευσιν της διεκπεραιώσεως των υποθέσεων, καθώς και η διάθεσις των προϊόντων εις τάς αγοράς του εξωτερικού.

ΑΠΟΦΑΣΙΖΟΥΝ

ΑΘΗΝΑΙ, 13.— Κατά τήν σύγκλησιν τής γενικής συνελεύσεως τού συλλόγου θά συζητηθή ή αναφορά νομικών μετά τήν καταδίκην ενός συναδέλφου των, ως ανεκοινώθη χθές υπό τής διοικήσεως τού συλλόγου. Η συνεδρίασις θά διεξαχθή εις τά γραφεία τού συλλόγου και θά απασχολήση τά μέλη επί του ζητήματος τής δεοντολογίας.

ΕΠΙΧΟΡΗΓΗΣΙΣ Ο ΔΗΜΟΣ ΒΕΡΟΙΑΣ

ΑΘΗΝΑΙ, 13.— Τό υπουργείον ανεκοίνωσεν ότι θά πραγματοποιηθούν ειδικά μαθήματα διά τήν κατάρτισιν των υπαλλήλων, οι οποίοι θά απασχοληθούν εις τάς υπηρεσίας τής στατιστικής και τής οργανώσεως των στοιχείων τού κράτους.

ΑΘΗΝΑΙ, 13.— Ο κ. υφυπουργός δήλωσεν ότι το επιτελείον θα εξετάζη τα προβλήματα και θα μελετά τα θέματα τα οποία απασχολούν την κυβέρνησιν. Θα παρακολουθή την εφαρμογήν των αποφάσεων και θα εισηγείται τα αναγκαία μέτρα διά την ταχυτέραν και αποτελεσματικωτέραν λειτουργίαν των υπηρεσιών του κράτους. Η ενημέρωσις του κοινού θα είναι συνεχής και ο ελεύθερος διάλογος θα αποτελή βασικήν αρχήν της διοικήσεως.
